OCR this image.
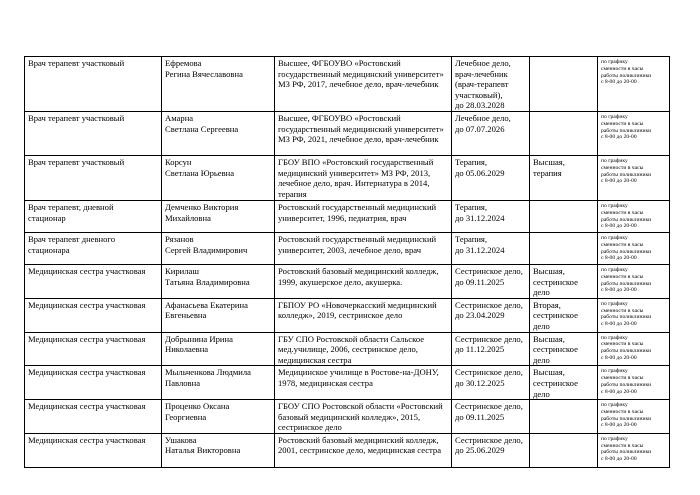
Врач терапевт участковый	Ефремова
Регина Вячеславовна	Высшее, ФГБОУВО «Ростовский государственный медицинский университет» МЗ РФ, 2017, лечебное дело, врач-лечебник	Лечебное дело, врач-лечебник (врач-терапевт участковый),
до 28.03.2028		по графику
сменности в часы
работы поликлиники
с 8-00 до 20-00
Врач терапевт участковый	Амарна
Светлана Сергеевна	Высшее, ФГБОУВО «Ростовский государственный медицинский университет» МЗ РФ, 2021, лечебное дело, врач-лечебник	Лечебное дело,
до 07.07.2026		по графику
сменности в часы
работы поликлиники
с 8-00 до 20-00
Врач терапевт участковый	Корсун
Светлана Юрьевна	ГБОУ ВПО «Ростовский государственный медицинский университет» МЗ РФ, 2013, лечебное дело, врач. Интернатура в 2014, терапия	Терапия,
до 05.06.2029	Высшая,
терапия	по графику
сменности в часы
работы поликлиники
с 8-00 до 20-00
Врач терапевт, дневной
стационар	Демченко Виктория
Михайловна	Ростовский государственный медицинский университет, 1996, педиатрия, врач	Терапия,
до 31.12.2024		по графику
сменности в часы
работы поликлиники
с 8-00 до 20-00
Врач терапевт дневного
стационара	Рязанов
Сергей Владимирович	Ростовский государственный медицинский университет, 2003, лечебное дело, врач	Терапия,
до 31.12.2024		по графику
сменности в часы
работы поликлиники
с 8-00 до 20-00
Медицинская сестра участковая	Кирилаш
Татьяна Владимировна	Ростовский базовый медицинский колледж, 1999, акушерское дело, акушерка.	Сестринское дело, до 09.11.2025	Высшая,
сестринское дело	по графику
сменности в часы
работы поликлиники
с 8-00 до 20-00
Медицинская сестра участковая	Афанасьева Екатерина
Евгеньевна	ГБПОУ РО «Новочеркасский медицинский колледж», 2019, сестринское дело	Сестринское дело, до 23.04.2029	Вторая,
сестринское дело	по графику
сменности в часы
работы поликлиники
с 8-00 до 20-00
Медицинская сестра участковая	Добрынина Ирина
Николаевна	ГБУ СПО Ростовской области Сальское мед.училище, 2006, сестринское дело, медицинская сестра	Сестринское дело, до 11.12.2025	Высшая,
сестринское дело	по графику
сменности в часы
работы поликлиники
с 8-00 до 20-00
Медицинская сестра участковая	Мыльченкова Людмила
Павловна	Медицинское училище в Ростове-на-ДОНУ, 1978, медицинская сестра	Сестринское дело, до 30.12.2025	Высшая,
сестринское дело	по графику
сменности в часы
работы поликлиники
с 8-00 до 20-00
Медицинская сестра участковая	Проценко Оксана
Георгиевна	ГБОУ СПО Ростовской области «Ростовский базовый медицинский колледж», 2015, сестринское дело	Сестринское дело, до 09.11.2025		по графику
сменности в часы
работы поликлиники
с 8-00 до 20-00
Медицинская сестра участковая	Ушакова
Наталья Викторовна	Ростовский базовый медицинский колледж, 2001, сестринское дело, медицинская сестра	Сестринское дело, до 25.06.2029		по графику
сменности в часы
работы поликлиники
с 8-00 до 20-00
